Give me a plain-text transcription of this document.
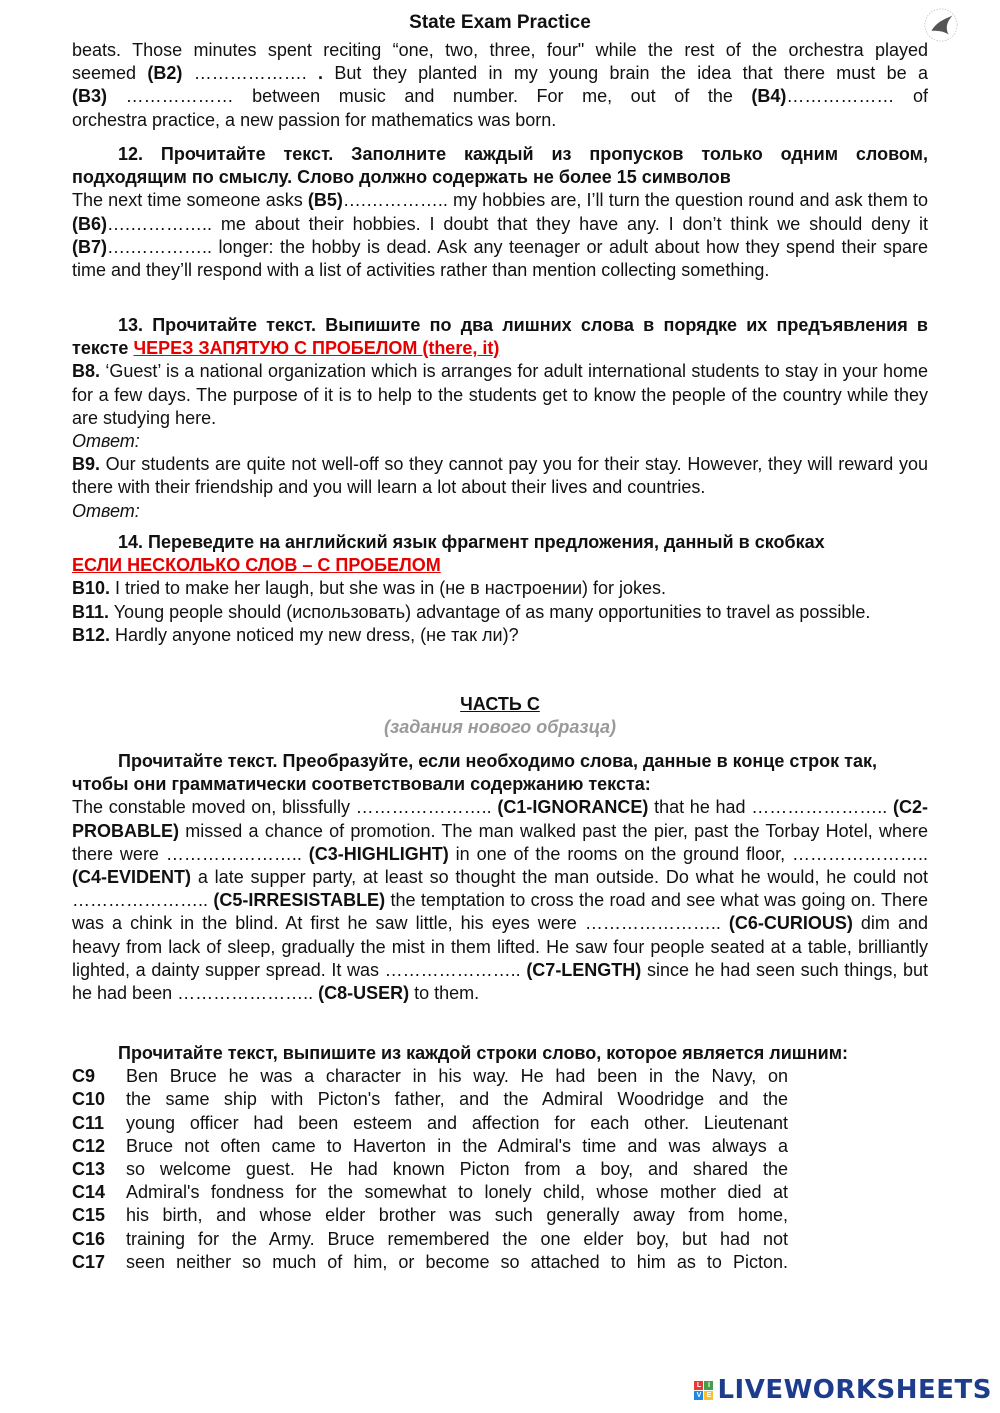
State Exam Practice

beats. Those minutes spent reciting “one, two, three, four" while the rest of the orchestra played

seemed (B2) ………………. . But they planted in my young brain the idea that there must be a

(B3) ……………… between music and number. For me, out of the (B4)……………… of

orchestra practice, a new passion for mathematics was born.

12. Прочитайте текст. Заполните каждый из пропусков только одним словом, подходящим по смыслу. Слово должно содержать не более 15 символов

The next time someone asks (B5)….………….. my hobbies are, I’ll turn the question round and ask them to (B6)….………….. me about their hobbies. I doubt that they have any. I don’t think we should deny it (B7)….………….. longer: the hobby is dead. Ask any teenager or adult about how they spend their spare time and they’ll respond with a list of activities rather than mention collecting something.

13. Прочитайте текст. Выпишите по два лишних слова в порядке их предъявления в тексте ЧЕРЕЗ ЗАПЯТУЮ С ПРОБЕЛОМ (there, it)

B8. ‘Guest’ is a national organization which is arranges for adult international students to stay in your home for a few days. The purpose of it is to help to the students get to know the people of the country while they are studying here.

Ответ:

B9. Our students are quite not well-off so they cannot pay you for their stay. However, they will reward you there with their friendship and you will learn a lot about their lives and countries.

Ответ:

14. Переведите на английский язык фрагмент предложения, данный в скобках

ЕСЛИ НЕСКОЛЬКО СЛОВ – С ПРОБЕЛОМ

B10. I tried to make her laugh, but she was in (не в настроении) for jokes.

B11. Young people should (использовать) advantage of as many opportunities to travel as possible.

B12. Hardly anyone noticed my new dress, (не так ли)?

ЧАСТЬ С
(задания нового образца)

Прочитайте текст. Преобразуйте, если необходимо слова, данные в конце строк так, чтобы они грамматически соответствовали содержанию текста:

The constable moved on, blissfully ………………….. (C1-IGNORANCE) that he had ………………….. (C2-PROBABLE) missed a chance of promotion. The man walked past the pier, past the Torbay Hotel, where there were ………………….. (C3-HIGHLIGHT) in one of the rooms on the ground floor, ………………….. (C4-EVIDENT) a late supper party, at least so thought the man outside. Do what he would, he could not ………………….. (C5-IRRESISTABLE) the temptation to cross the road and see what was going on. There was a chink in the blind. At first he saw little, his eyes were ………………….. (C6-CURIOUS) dim and heavy from lack of sleep, gradually the mist in them lifted. He saw four people seated at a table, brilliantly lighted, a dainty supper spread. It was ………………….. (C7-LENGTH) since he had seen such things, but he had been ………………….. (C8-USER) to them.

Прочитайте текст, выпишите из каждой строки слово, которое является лишним:

C9	Ben Bruce he was a character in his way. He had been in the Navy, on
C10	the same ship with Picton's father, and the Admiral Woodridge and the
C11	young officer had been esteem and affection for each other. Lieutenant
C12	Bruce not often came to Haverton in the Admiral's time and was always a
C13	so welcome guest. He had known Picton from a boy, and shared the
C14	Admiral's fondness for the somewhat to lonely child, whose mother died at
C15	his birth, and whose elder brother was such generally away from home,
C16	training for the Army. Bruce remembered the one elder boy, but had not
C17	seen neither so much of him, or become so attached to him as to Picton.
L I
V E LIVEWORKSHEETS
